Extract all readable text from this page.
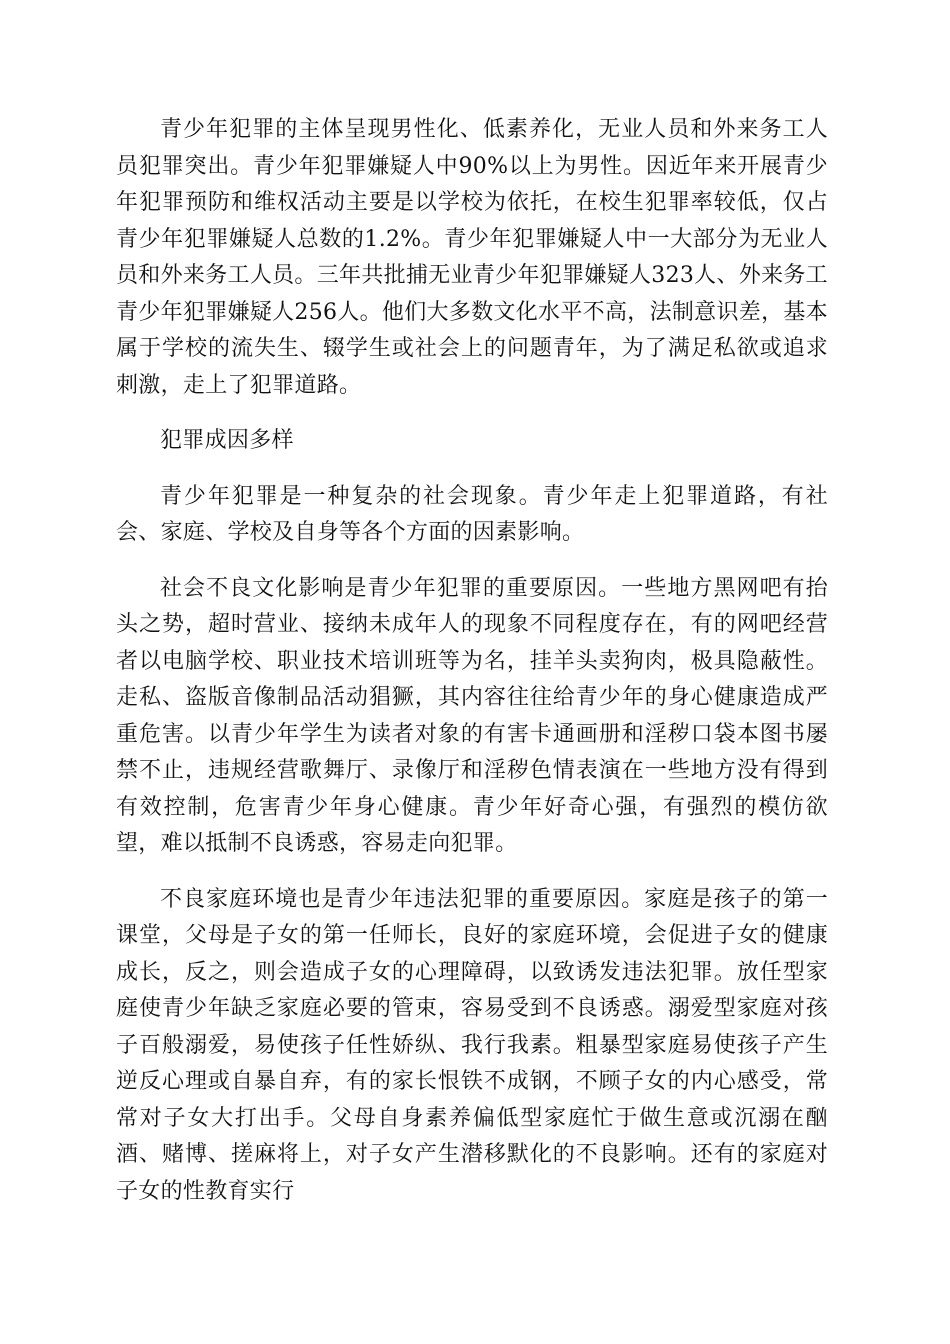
青少年犯罪的主体呈现男性化、低素养化，无业人员和外来务工人员犯罪突出。青少年犯罪嫌疑人中90%以上为男性。因近年来开展青少年犯罪预防和维权活动主要是以学校为依托，在校生犯罪率较低，仅占青少年犯罪嫌疑人总数的1.2%。青少年犯罪嫌疑人中一大部分为无业人员和外来务工人员。三年共批捕无业青少年犯罪嫌疑人323人、外来务工青少年犯罪嫌疑人256人。他们大多数文化水平不高，法制意识差，基本属于学校的流失生、辍学生或社会上的问题青年，为了满足私欲或追求刺激，走上了犯罪道路。

犯罪成因多样

青少年犯罪是一种复杂的社会现象。青少年走上犯罪道路，有社会、家庭、学校及自身等各个方面的因素影响。

社会不良文化影响是青少年犯罪的重要原因。一些地方黑网吧有抬头之势，超时营业、接纳未成年人的现象不同程度存在，有的网吧经营者以电脑学校、职业技术培训班等为名，挂羊头卖狗肉，极具隐蔽性。走私、盗版音像制品活动猖獗，其内容往往给青少年的身心健康造成严重危害。以青少年学生为读者对象的有害卡通画册和淫秽口袋本图书屡禁不止，违规经营歌舞厅、录像厅和淫秽色情表演在一些地方没有得到有效控制，危害青少年身心健康。青少年好奇心强，有强烈的模仿欲望，难以抵制不良诱惑，容易走向犯罪。

不良家庭环境也是青少年违法犯罪的重要原因。家庭是孩子的第一课堂，父母是子女的第一任师长，良好的家庭环境，会促进子女的健康成长，反之，则会造成子女的心理障碍，以致诱发违法犯罪。放任型家庭使青少年缺乏家庭必要的管束，容易受到不良诱惑。溺爱型家庭对孩子百般溺爱，易使孩子任性娇纵、我行我素。粗暴型家庭易使孩子产生逆反心理或自暴自弃，有的家长恨铁不成钢，不顾子女的内心感受，常常对子女大打出手。父母自身素养偏低型家庭忙于做生意或沉溺在酗酒、赌博、搓麻将上，对子女产生潜移默化的不良影响。还有的家庭对子女的性教育实行
